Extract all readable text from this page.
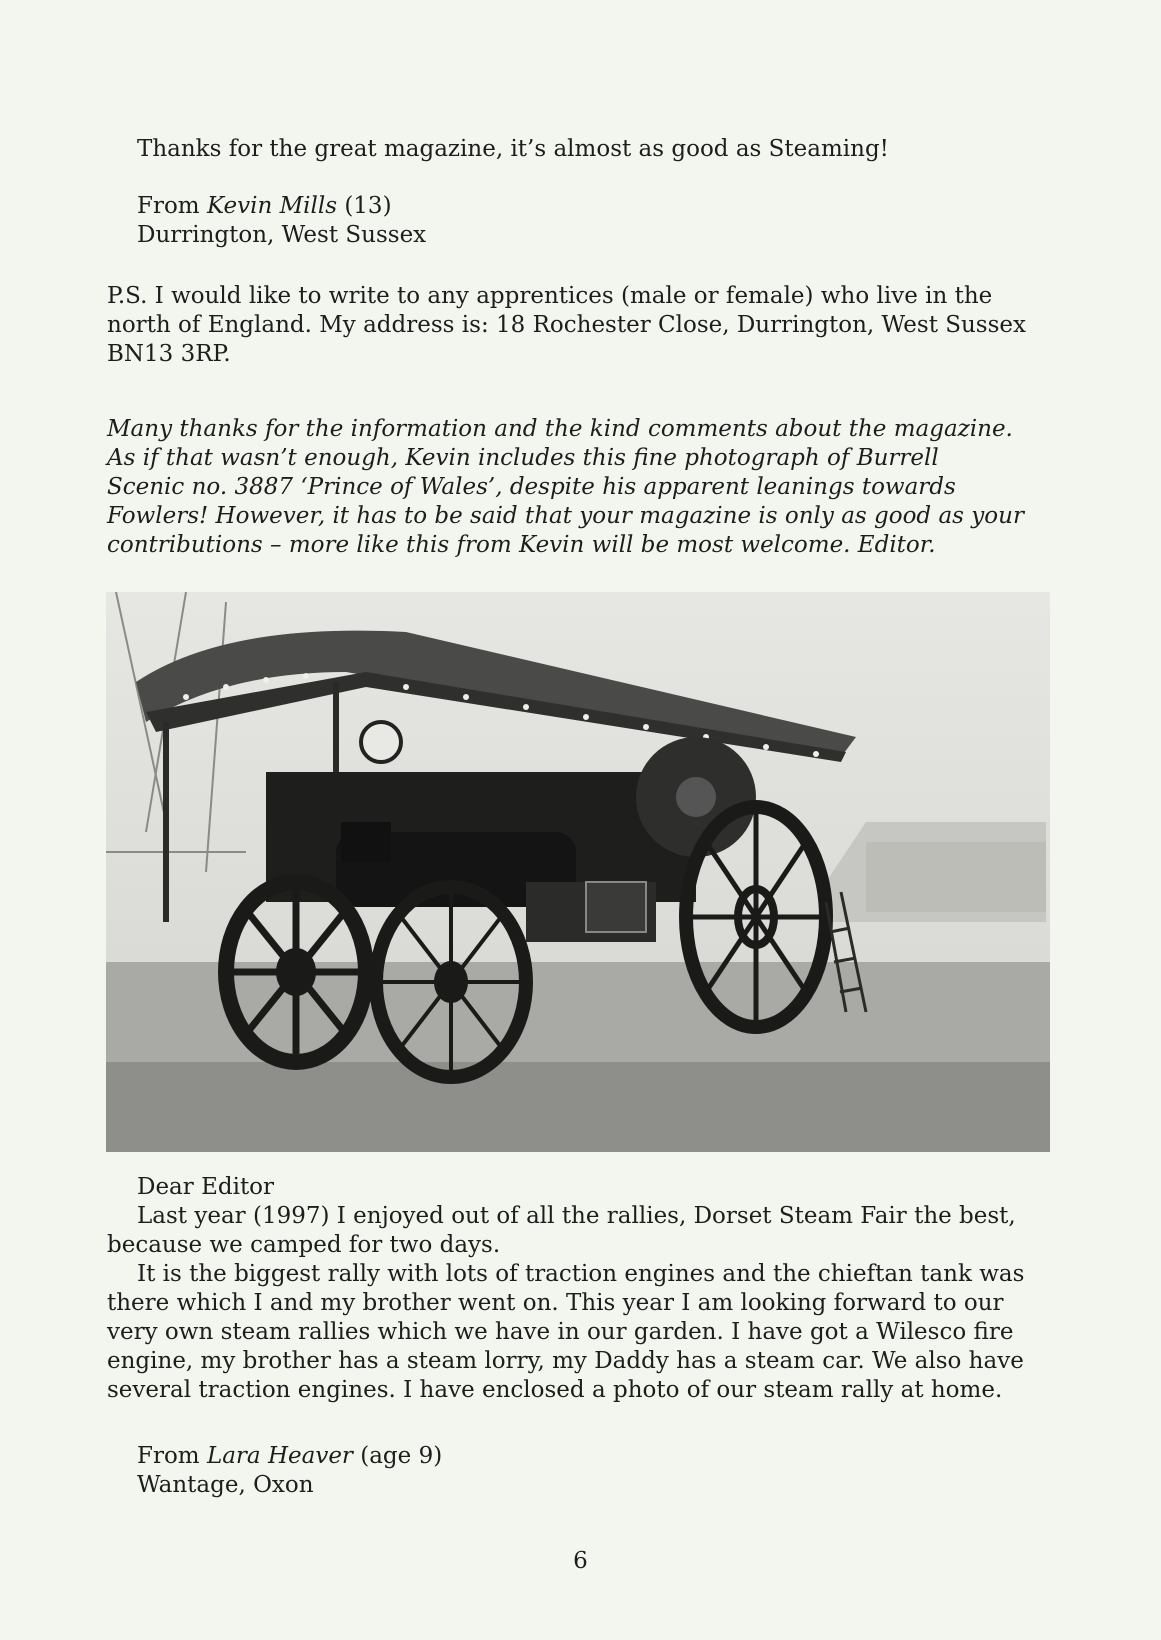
Thanks for the great magazine, it’s almost as good as Steaming!

From Kevin Mills (13)

Durrington, West Sussex

P.S. I would like to write to any apprentices (male or female) who live in the

north of England. My address is: 18 Rochester Close, Durrington, West Sussex

BN13 3RP.

Many thanks for the information and the kind comments about the magazine.

As if that wasn’t enough, Kevin includes this fine photograph of Burrell

Scenic no. 3887 ‘Prince of Wales’, despite his apparent leanings towards

Fowlers! However, it has to be said that your magazine is only as good as your

contributions – more like this from Kevin will be most welcome. Editor.

Dear Editor

Last year (1997) I enjoyed out of all the rallies, Dorset Steam Fair the best,

because we camped for two days.

It is the biggest rally with lots of traction engines and the chieftan tank was

there which I and my brother went on. This year I am looking forward to our

very own steam rallies which we have in our garden. I have got a Wilesco fire

engine, my brother has a steam lorry, my Daddy has a steam car. We also have

several traction engines. I have enclosed a photo of our steam rally at home.

From Lara Heaver (age 9)

Wantage, Oxon

6
